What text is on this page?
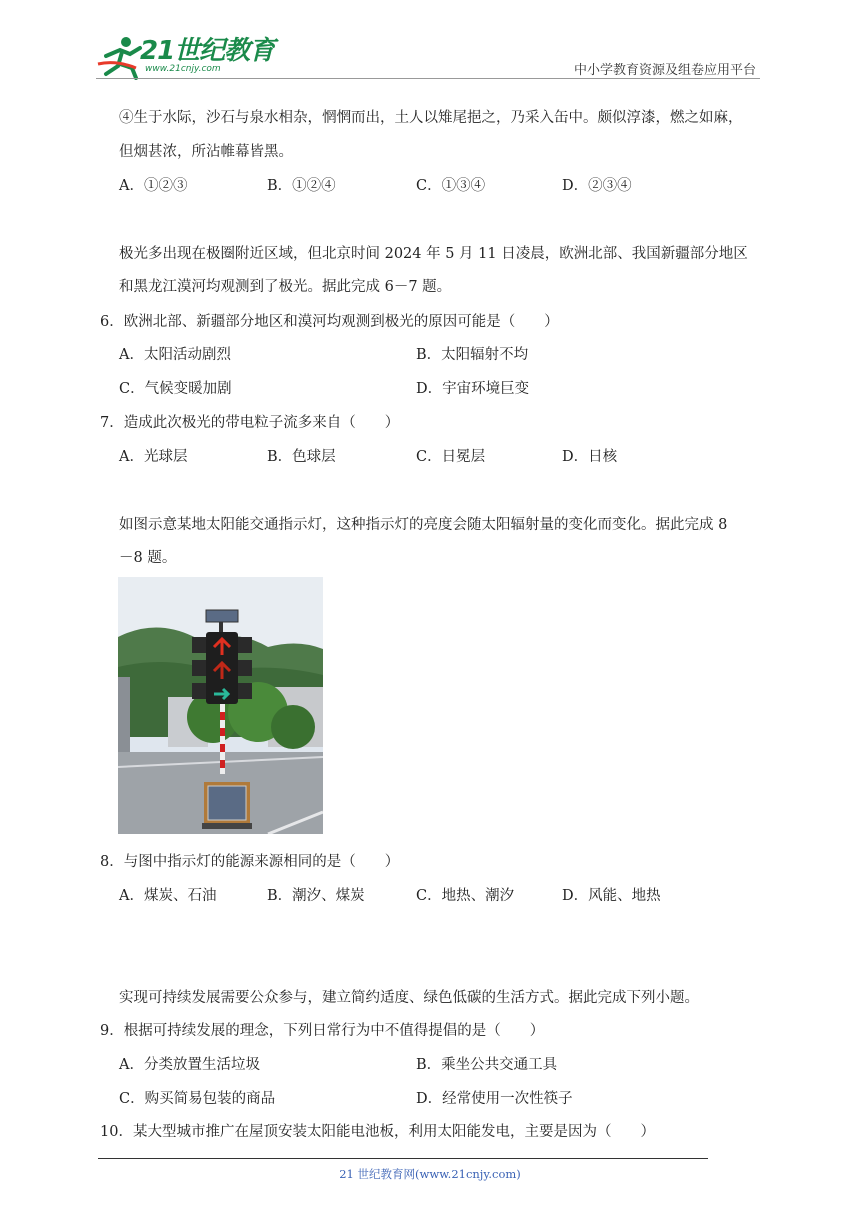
21世纪教育
www.21cnjy.com	中小学教育资源及组卷应用平台
④生于水际，沙石与泉水相杂，惘惘而出，土人以雉尾挹之，乃采入缶中。颇似淳漆，燃之如麻，
但烟甚浓，所沾帷幕皆黑。
A．①②③	B．①②④	C．①③④	D．②③④
极光多出现在极圈附近区域，但北京时间 2024 年 5 月 11 日凌晨，欧洲北部、我国新疆部分地区
和黑龙江漠河均观测到了极光。据此完成 6－7 题。
6．欧洲北部、新疆部分地区和漠河均观测到极光的原因可能是（　　）
A．太阳活动剧烈	B．太阳辐射不均
C．气候变暖加剧	D．宇宙环境巨变
7．造成此次极光的带电粒子流多来自（　　）
A．光球层	B．色球层	C．日冕层	D．日核
如图示意某地太阳能交通指示灯，这种指示灯的亮度会随太阳辐射量的变化而变化。据此完成 8
－8 题。
8．与图中指示灯的能源来源相同的是（　　）
A．煤炭、石油	B．潮汐、煤炭	C．地热、潮汐	D．风能、地热
实现可持续发展需要公众参与，建立简约适度、绿色低碳的生活方式。据此完成下列小题。
9．根据可持续发展的理念，下列日常行为中不值得提倡的是（　　）
A．分类放置生活垃圾	B．乘坐公共交通工具
C．购买简易包装的商品	D．经常使用一次性筷子
10．某大型城市推广在屋顶安装太阳能电池板，利用太阳能发电，主要是因为（　　）
21 世纪教育网(www.21cnjy.com)
